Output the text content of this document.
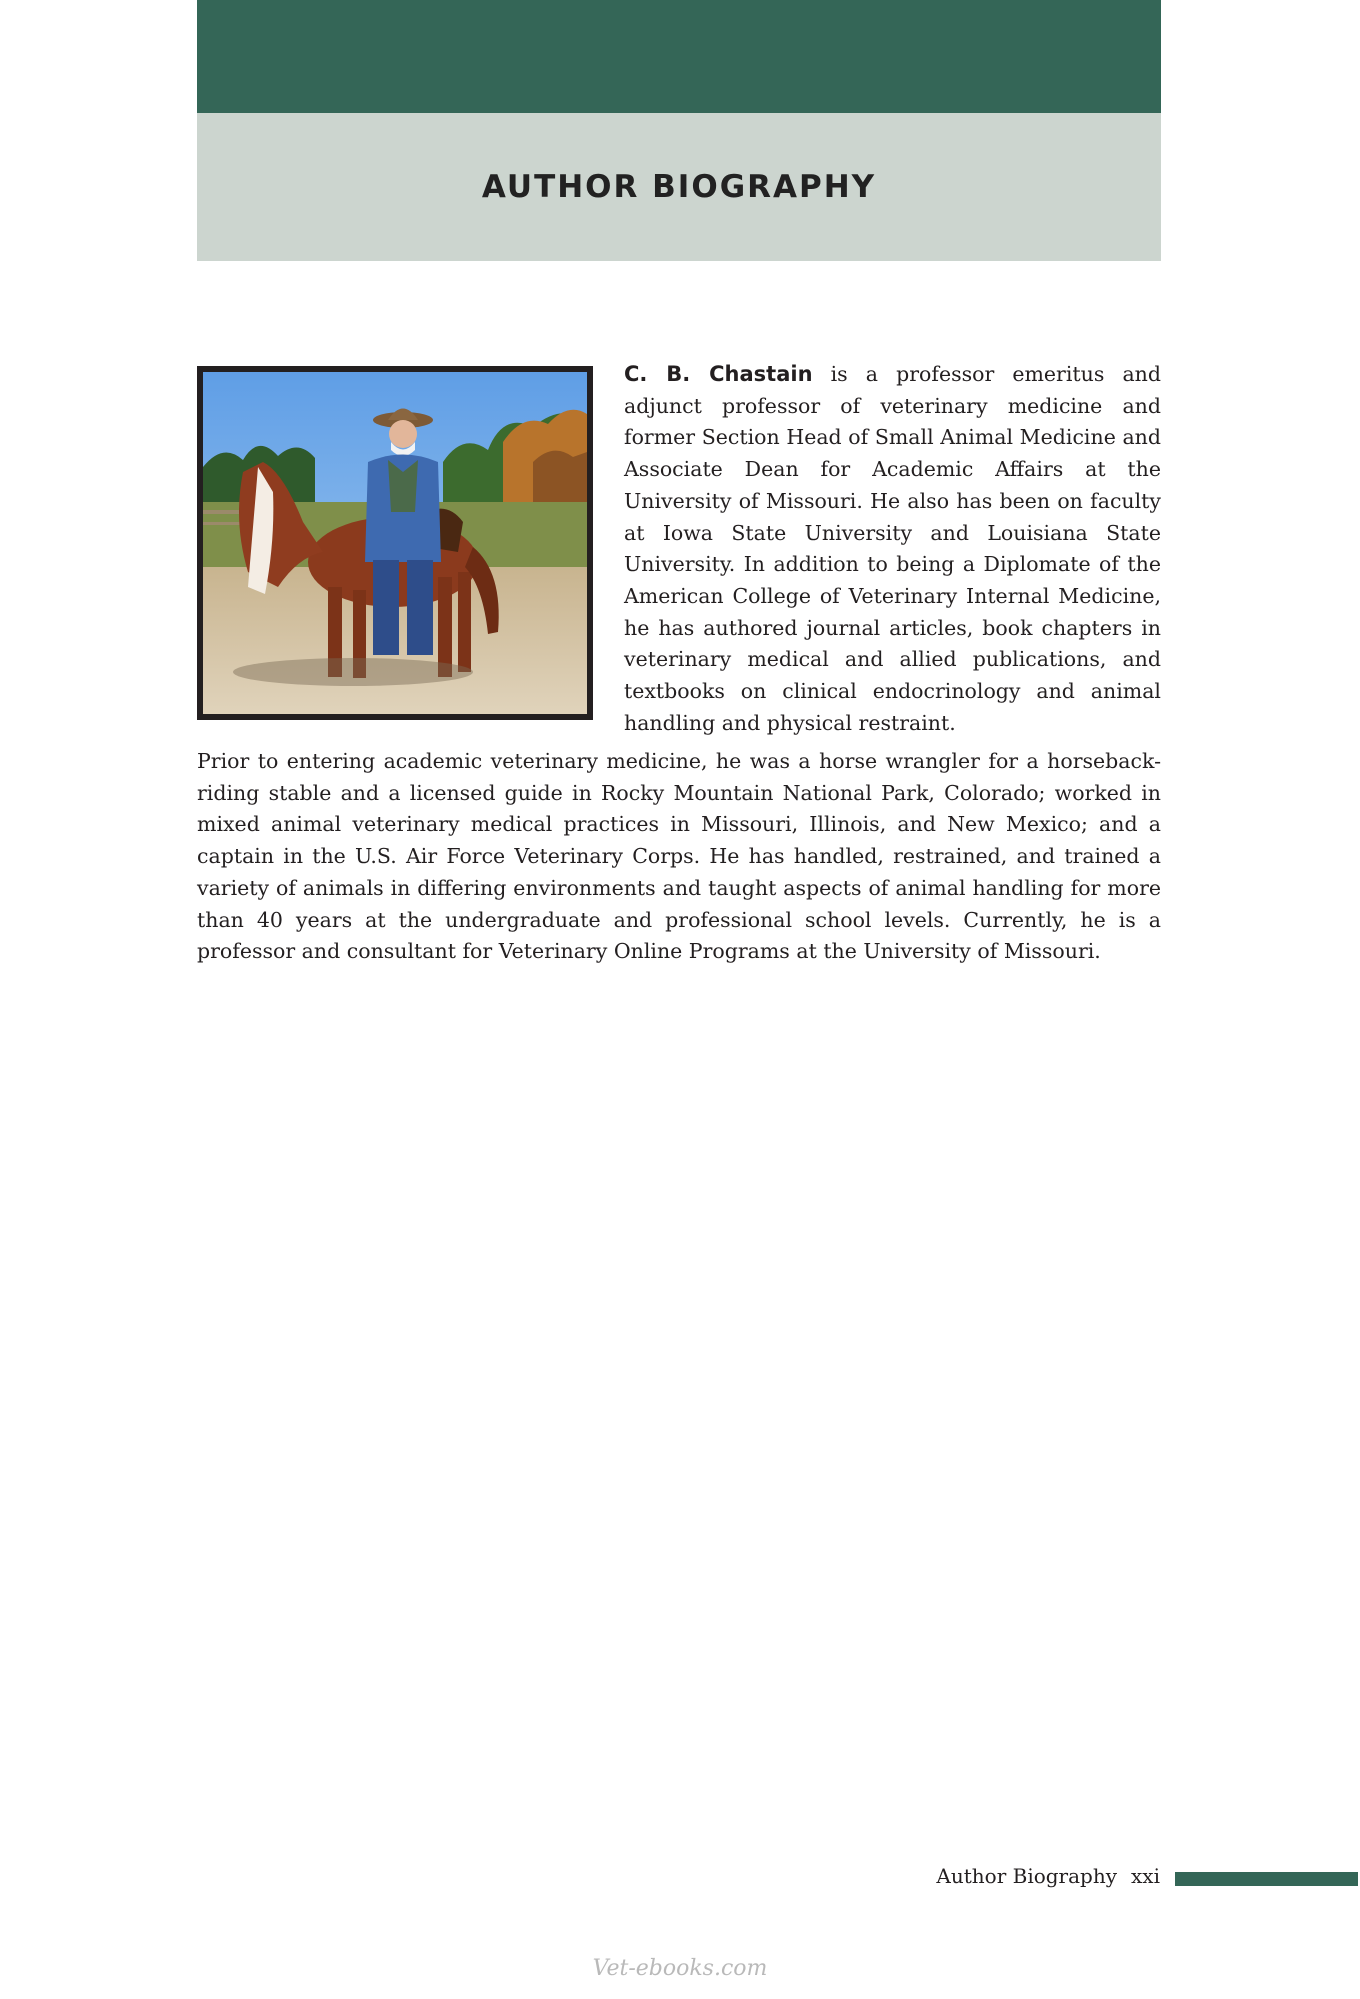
AUTHOR BIOGRAPHY

C. B. Chastain is a professor emeritus and adjunct professor of veterinary medicine and former Section Head of Small Animal Medicine and Associate Dean for Academic Affairs at the University of Missouri. He also has been on faculty at Iowa State University and Louisiana State University. In addition to being a Diplomate of the American College of Veterinary Internal Medicine, he has authored journal articles, book chapters in veterinary medical and allied publications, and textbooks on clinical endocrinology and animal handling and physical restraint.

Prior to entering academic veterinary medicine, he was a horse wrangler for a horseback-riding stable and a licensed guide in Rocky Mountain National Park, Colorado; worked in mixed animal veterinary medical practices in Missouri, Illinois, and New Mexico; and a captain in the U.S. Air Force Veterinary Corps. He has handled, restrained, and trained a variety of animals in differing environments and taught aspects of animal handling for more than 40 years at the undergraduate and professional school levels. Currently, he is a professor and consultant for Veterinary Online Programs at the University of Missouri.

Author Biography xxi
Vet-ebooks.com
